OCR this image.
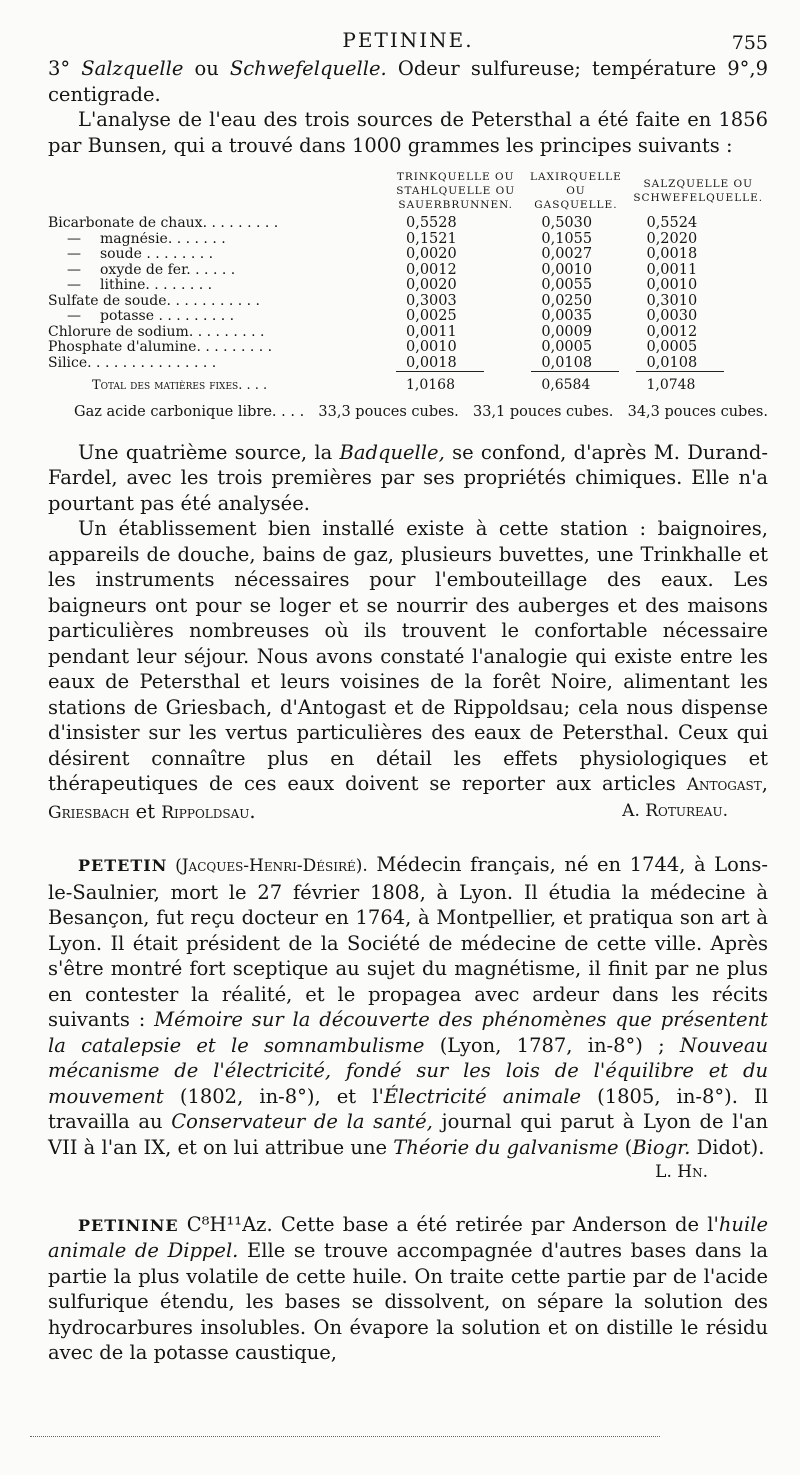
PETININE.	755

3° Salzquelle ou Schwefelquelle. Odeur sulfureuse; température 9°,9 centigrade.

L'analyse de l'eau des trois sources de Petersthal a été faite en 1856 par Bunsen, qui a trouvé dans 1000 grammes les principes suivants :

	TRINKQUELLE OU STAHLQUELLE OU SAUERBRUNNEN.	LAXIRQUELLE OU GASQUELLE.	SALZQUELLE OU SCHWEFELQUELLE.
Bicarbonate de chaux. . . . . . . . .	0,5528	0,5030	0,5524
— magnésie. . . . . . .	0,1521	0,1055	0,2020
— soude . . . . . . . .	0,0020	0,0027	0,0018
— oxyde de fer. . . . . .	0,0012	0,0010	0,0011
— lithine. . . . . . . .	0,0020	0,0055	0,0010
Sulfate de soude. . . . . . . . . . .	0,3003	0,0250	0,3010
— potasse . . . . . . . . .	0,0025	0,0035	0,0030
Chlorure de sodium. . . . . . . . .	0,0011	0,0009	0,0012
Phosphate d'alumine. . . . . . . . .	0,0010	0,0005	0,0005
Silice. . . . . . . . . . . . . . .	0,0018	0,0108	0,0108

Total des matières fixes. . . .	1,0168	0,6584	1,0748
Gaz acide carbonique libre. . . . 33,3 pouces cubes. 33,1 pouces cubes. 34,3 pouces cubes.

Une quatrième source, la Badquelle, se confond, d'après M. Durand-Fardel, avec les trois premières par ses propriétés chimiques. Elle n'a pourtant pas été analysée.

Un établissement bien installé existe à cette station : baignoires, appareils de douche, bains de gaz, plusieurs buvettes, une Trinkhalle et les instruments nécessaires pour l'embouteillage des eaux. Les baigneurs ont pour se loger et se nourrir des auberges et des maisons particulières nombreuses où ils trouvent le confortable nécessaire pendant leur séjour. Nous avons constaté l'analogie qui existe entre les eaux de Petersthal et leurs voisines de la forêt Noire, alimentant les stations de Griesbach, d'Antogast et de Rippoldsau; cela nous dispense d'insister sur les vertus particulières des eaux de Petersthal. Ceux qui désirent connaître plus en détail les effets physiologiques et thérapeutiques de ces eaux doivent se reporter aux articles Antogast, Griesbach et Rippoldsau.	A. Rotureau.

PETETIN (Jacques-Henri-Désiré). Médecin français, né en 1744, à Lons-le-Saulnier, mort le 27 février 1808, à Lyon. Il étudia la médecine à Besançon, fut reçu docteur en 1764, à Montpellier, et pratiqua son art à Lyon. Il était président de la Société de médecine de cette ville. Après s'être montré fort sceptique au sujet du magnétisme, il finit par ne plus en contester la réalité, et le propagea avec ardeur dans les récits suivants : Mémoire sur la découverte des phénomènes que présentent la catalepsie et le somnambulisme (Lyon, 1787, in-8°) ; Nouveau mécanisme de l'électricité, fondé sur les lois de l'équilibre et du mouvement (1802, in-8°), et l'Électricité animale (1805, in-8°). Il travailla au Conservateur de la santé, journal qui parut à Lyon de l'an VII à l'an IX, et on lui attribue une Théorie du galvanisme (Biogr. Didot).
L. Hn.

PETININE C⁸H¹¹Az. Cette base a été retirée par Anderson de l'huile animale de Dippel. Elle se trouve accompagnée d'autres bases dans la partie la plus volatile de cette huile. On traite cette partie par de l'acide sulfurique étendu, les bases se dissolvent, on sépare la solution des hydrocarbures insolubles. On évapore la solution et on distille le résidu avec de la potasse caustique,
